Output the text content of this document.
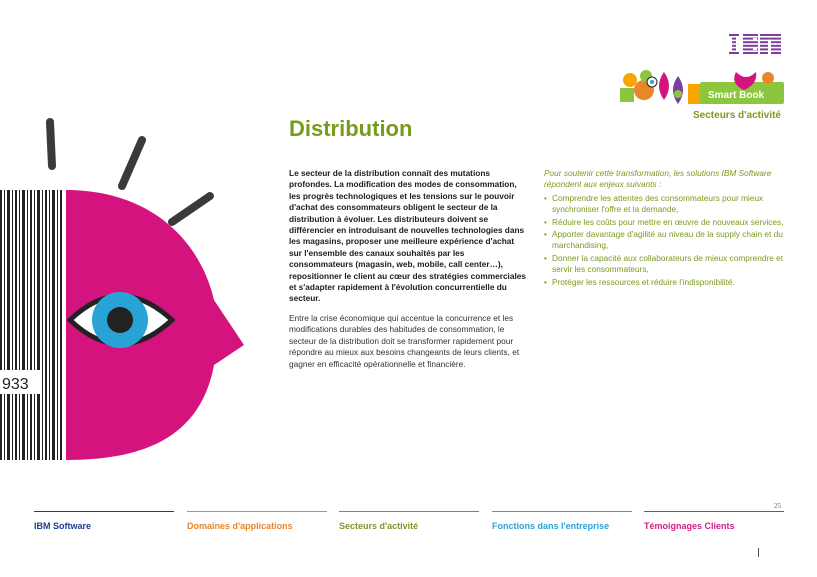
Smart Book
Secteurs d'activité
Distribution
933

Le secteur de la distribution connaît des mutations profondes. La modification des modes de consommation, les progrès technologiques et les tensions sur le pouvoir d'achat des consommateurs obligent le secteur de la distribution à évoluer. Les distributeurs doivent se différencier en introduisant de nouvelles technologies dans les magasins, proposer une meilleure expérience d'achat sur l'ensemble des canaux souhaités par les consommateurs (magasin, web, mobile, call center…), repositionner le client au cœur des stratégies commerciales et s'adapter rapidement à l'évolution concurrentielle du secteur.

Entre la crise économique qui accentue la concurrence et les modifications durables des habitudes de consommation, le secteur de la distribution doit se transformer rapidement pour répondre au mieux aux besoins changeants de leurs clients, et gagner en efficacité opérationnelle et financière.

Pour soutenir cette transformation, les solutions IBM Software répondent aux enjeux suivants :

• Comprendre les attentes des consommateurs pour mieux synchroniser l'offre et la demande,
• Réduire les coûts pour mettre en œuvre de nouveaux services,
• Apporter davantage d'agilité au niveau de la supply chain et du marchandising,
• Donner la capacité aux collaborateurs de mieux comprendre et servir les consommateurs,
• Protéger les ressources et réduire l'indisponibilité.
25
IBM Software	Domaines d'applications	Secteurs d'activité	Fonctions dans l'entreprise	Témoignages Clients
